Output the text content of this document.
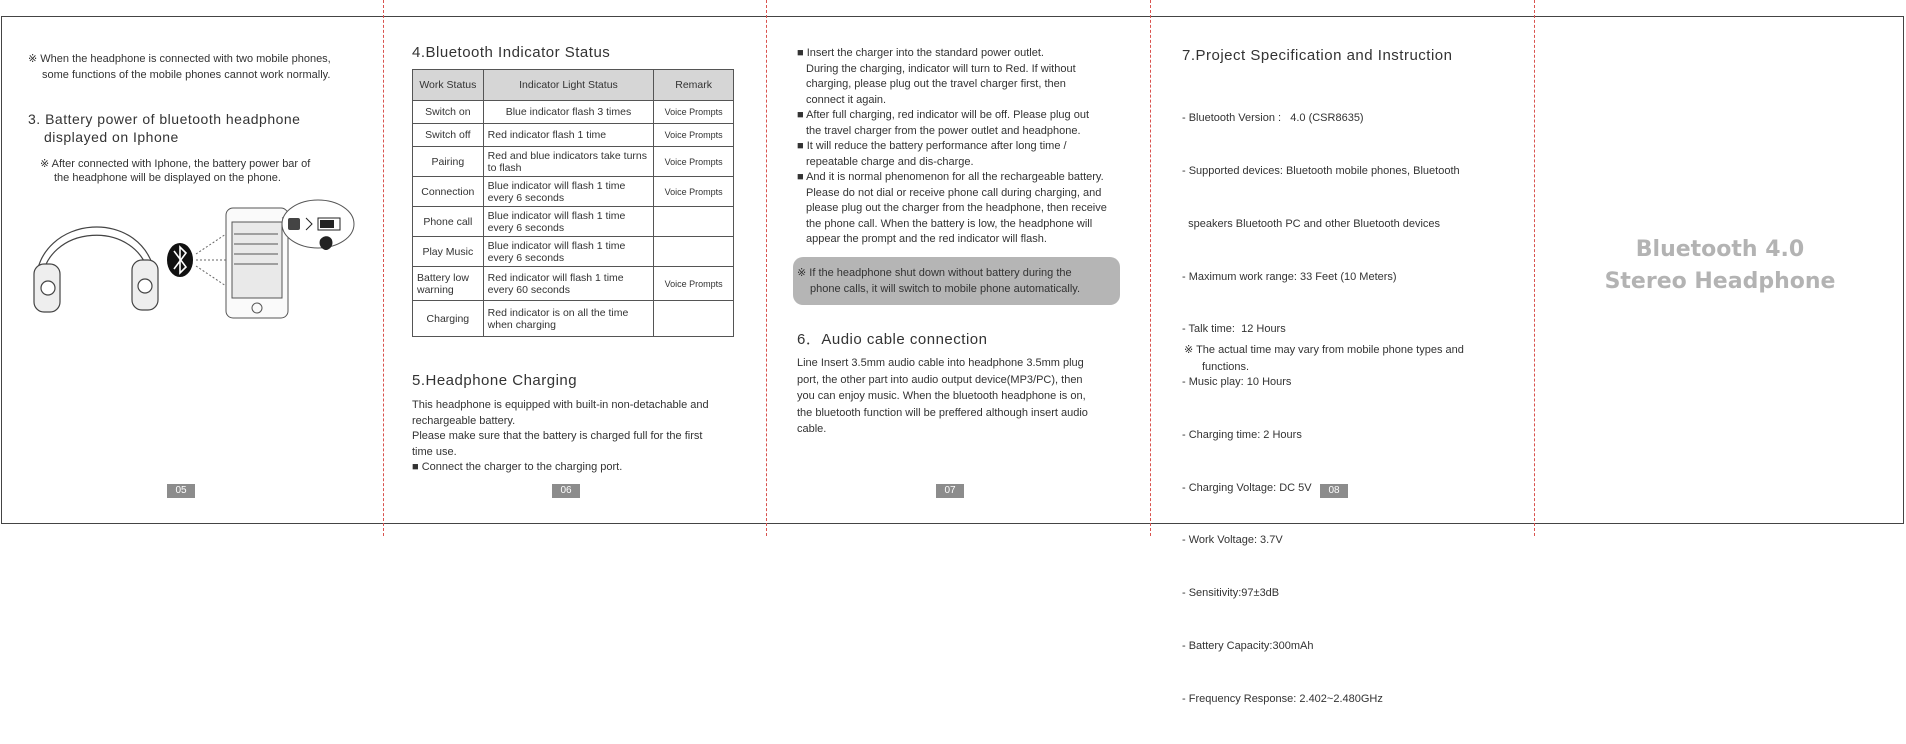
※ When the headphone is connected with two mobile phones,
some functions of the mobile phones cannot work normally.
3. Battery power of bluetooth headphone
displayed on Iphone
※ After connected with Iphone, the battery power bar of
the headphone will be displayed on the phone.
05
4.Bluetooth Indicator Status
Work Status	Indicator Light Status	Remark
Switch on	Blue indicator flash 3 times	Voice Prompts
Switch off	Red indicator flash 1 time	Voice Prompts
Pairing	Red and blue indicators take turns to flash	Voice Prompts
Connection	Blue indicator will flash 1 time every 6 seconds	Voice Prompts
Phone call	Blue indicator will flash 1 time every 6 seconds	
Play Music	Blue indicator will flash 1 time every 6 seconds	
Battery low warning	Red indicator will flash 1 time every 60 seconds	Voice Prompts
Charging	Red indicator is on all the time when charging	
5.Headphone Charging
This headphone is equipped with built-in non-detachable and
rechargeable battery.
Please make sure that the battery is charged full for the first
time use.
■ Connect the charger to the charging port.
06
■ Insert the charger into the standard power outlet.
During the charging, indicator will turn to Red. If without
charging, please plug out the travel charger first, then
connect it again.
■ After full charging, red indicator will be off. Please plug out
the travel charger from the power outlet and headphone.
■ It will reduce the battery performance after long time /
repeatable charge and dis-charge.
■ And it is normal phenomenon for all the rechargeable battery.
Please do not dial or receive phone call during charging, and
please plug out the charger from the headphone, then receive
the phone call. When the battery is low, the headphone will
appear the prompt and the red indicator will flash.
※ If the headphone shut down without battery during the
phone calls, it will switch to mobile phone automatically.
6．Audio cable connection
Line Insert 3.5mm audio cable into headphone 3.5mm plug
port, the other part into audio output device(MP3/PC), then
you can enjoy music. When the bluetooth headphone is on,
the bluetooth function will be preffered although insert audio
cable.
07
7.Project Specification and Instruction

- Bluetooth Version :   4.0 (CSR8635)

- Supported devices: Bluetooth mobile phones, Bluetooth

speakers Bluetooth PC and other Bluetooth devices

- Maximum work range: 33 Feet (10 Meters)

- Talk time:  12 Hours

- Music play: 10 Hours

- Charging time: 2 Hours

- Charging Voltage: DC 5V

- Work Voltage: 3.7V

- Sensitivity:97±3dB

- Battery Capacity:300mAh

- Frequency Response: 2.402~2.480GHz

※ The actual time may vary from mobile phone types and
functions.
08
Bluetooth 4.0
Stereo Headphone
